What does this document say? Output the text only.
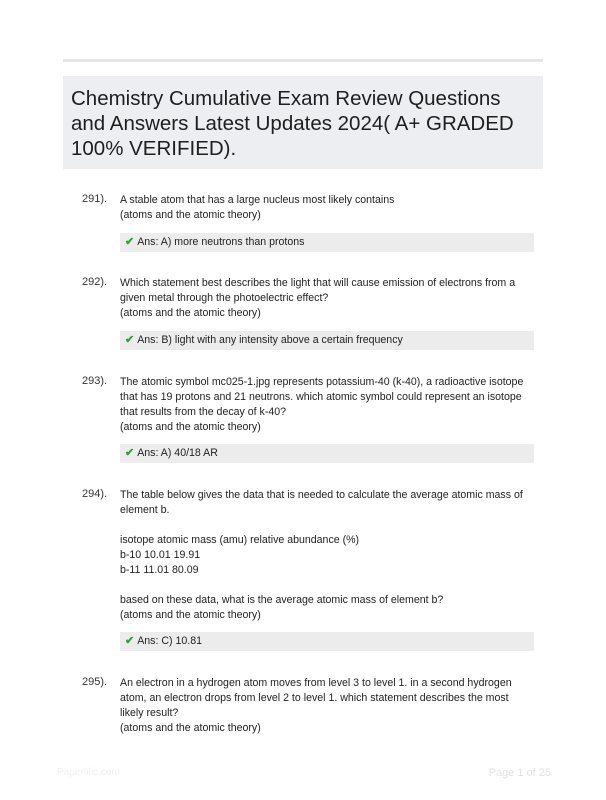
Chemistry Cumulative Exam Review Questions and Answers Latest Updates 2024( A+ GRADED 100% VERIFIED).
291). A stable atom that has a large nucleus most likely contains

(atoms and the atomic theory)

✔ Ans: A) more neutrons than protons
292). Which statement best describes the light that will cause emission of electrons from a given metal through the photoelectric effect?

(atoms and the atomic theory)

✔ Ans: B) light with any intensity above a certain frequency
293). The atomic symbol mc025-1.jpg represents potassium-40 (k-40), a radioactive isotope that has 19 protons and 21 neutrons. which atomic symbol could represent an isotope that results from the decay of k-40?

(atoms and the atomic theory)

✔ Ans: A) 40/18 AR
294). The table below gives the data that is needed to calculate the average atomic mass of element b.

isotope atomic mass (amu) relative abundance (%)

b-10 10.01 19.91

b-11 11.01 80.09

based on these data, what is the average atomic mass of element b?

(atoms and the atomic theory)

✔ Ans: C) 10.81
295). An electron in a hydrogen atom moves from level 3 to level 1. in a second hydrogen atom, an electron drops from level 2 to level 1. which statement describes the most likely result?

(atoms and the atomic theory)

Papertilic.com	Page 1 of 25
